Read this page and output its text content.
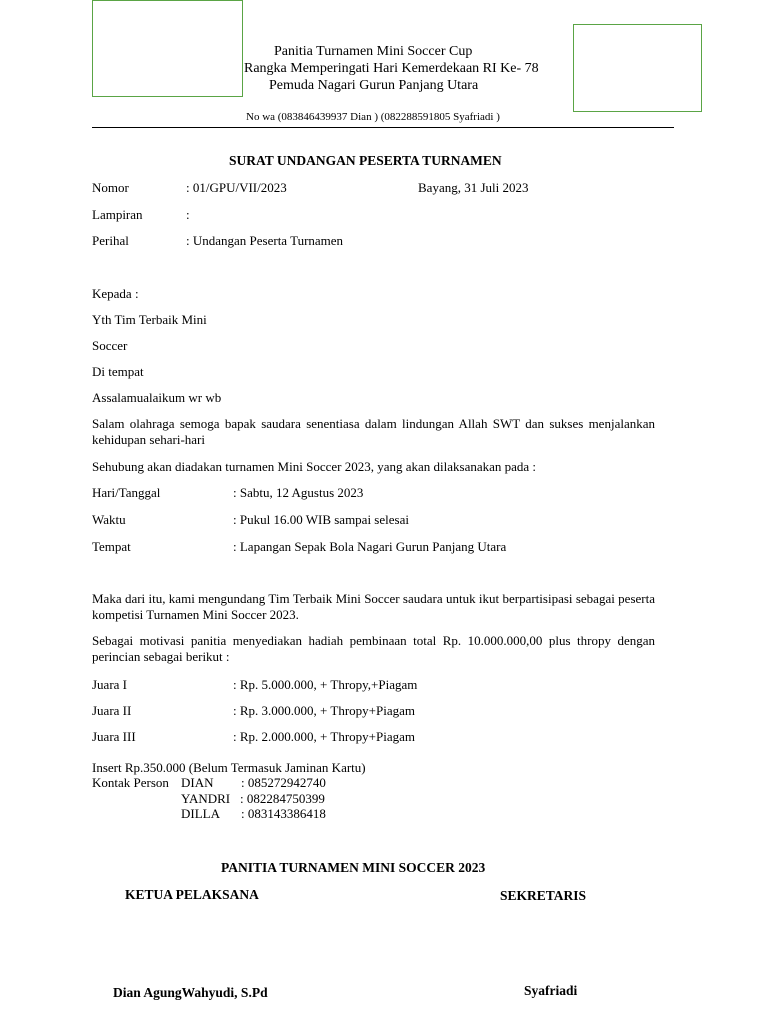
Panitia Turnamen Mini Soccer Cup
Rangka Memperingati Hari Kemerdekaan RI Ke- 78
Pemuda Nagari Gurun Panjang Utara
No wa (083846439937 Dian ) (082288591805 Syafriadi )
SURAT UNDANGAN PESERTA TURNAMEN
Nomor	: 01/GPU/VII/2023	Bayang, 31 Juli 2023
Lampiran	:
Perihal	: Undangan Peserta Turnamen
Kepada :
Yth Tim Terbaik Mini
Soccer
Di tempat
Assalamualaikum wr wb
Salam olahraga semoga bapak saudara senentiasa dalam lindungan Allah SWT dan sukses menjalankan kehidupan sehari-hari
Sehubung akan diadakan turnamen Mini Soccer 2023, yang akan dilaksanakan pada :
Hari/Tanggal	: Sabtu, 12 Agustus 2023
Waktu	: Pukul 16.00 WIB sampai selesai
Tempat	: Lapangan Sepak Bola Nagari Gurun Panjang Utara
Maka dari itu, kami mengundang Tim Terbaik Mini Soccer saudara untuk ikut berpartisipasi sebagai peserta kompetisi Turnamen Mini Soccer 2023.
Sebagai motivasi panitia menyediakan hadiah pembinaan total Rp. 10.000.000,00 plus thropy dengan perincian sebagai berikut :
Juara I	: Rp. 5.000.000, + Thropy,+Piagam
Juara II	: Rp. 3.000.000, + Thropy+Piagam
Juara III	: Rp. 2.000.000, + Thropy+Piagam
Insert Rp.350.000 (Belum Termasuk Jaminan Kartu)
Kontak Person DIAN : 085272942740
YANDRI : 082284750399
DILLA : 083143386418
PANITIA TURNAMEN MINI SOCCER 2023
KETUA PELAKSANA	SEKRETARIS
Dian AgungWahyudi, S.Pd	Syafriadi
